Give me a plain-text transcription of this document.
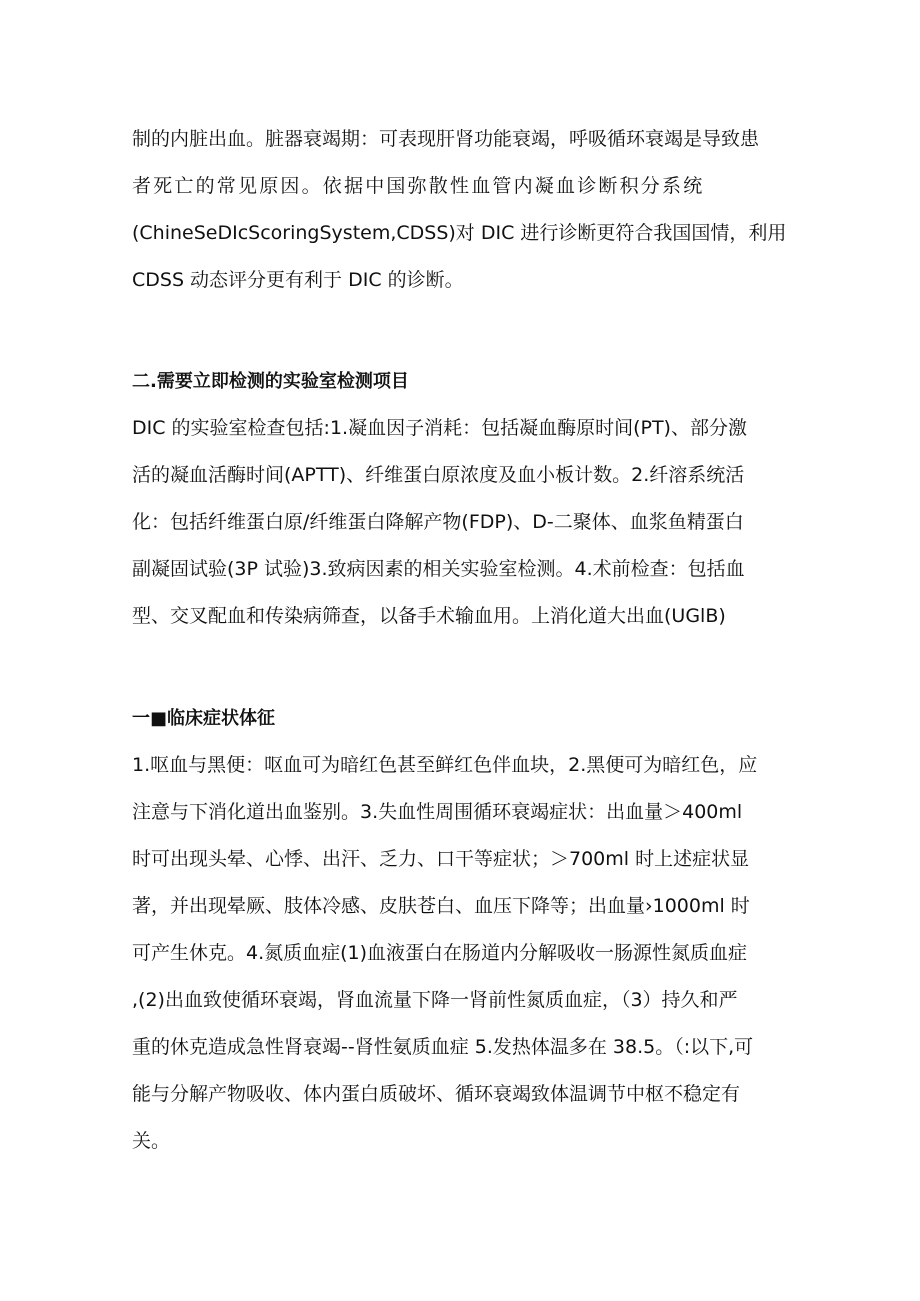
制的内脏出血。脏器衰竭期：可表现肝肾功能衰竭，呼吸循环衰竭是导致患
者死亡的常见原因。依据中国弥散性血管内凝血诊断积分系统
(ChineSeDIcScoringSystem,CDSS)对 DIC 进行诊断更符合我国国情，利用
CDSS 动态评分更有利于 DIC 的诊断。
二.需要立即检测的实验室检测项目
DIC 的实验室检查包括:1.凝血因子消耗：包括凝血酶原时间(PT)、部分激
活的凝血活酶时间(APTT)、纤维蛋白原浓度及血小板计数。2.纤溶系统活
化：包括纤维蛋白原/纤维蛋白降解产物(FDP)、D-二聚体、血浆鱼精蛋白
副凝固试验(3P 试验)3.致病因素的相关实验室检测。4.术前检查：包括血
型、交叉配血和传染病筛查，以备手术输血用。上消化道大出血(UGlB)
一■临床症状体征
1.呕血与黑便：呕血可为暗红色甚至鲜红色伴血块，2.黑便可为暗红色，应
注意与下消化道出血鉴别。3.失血性周围循环衰竭症状：出血量＞400ml
时可出现头晕、心悸、出汗、乏力、口干等症状；＞700ml 时上述症状显
著，并出现晕厥、肢体冷感、皮肤苍白、血压下降等；出血量›1000ml 时
可产生休克。4.氮质血症(1)血液蛋白在肠道内分解吸收一肠源性氮质血症
,(2)出血致使循环衰竭，肾血流量下降一肾前性氮质血症，（3）持久和严
重的休克造成急性肾衰竭--肾性氨质血症 5.发热体温多在 38.5。（:以下,可
能与分解产物吸收、体内蛋白质破坏、循环衰竭致体温调节中枢不稳定有
关。
